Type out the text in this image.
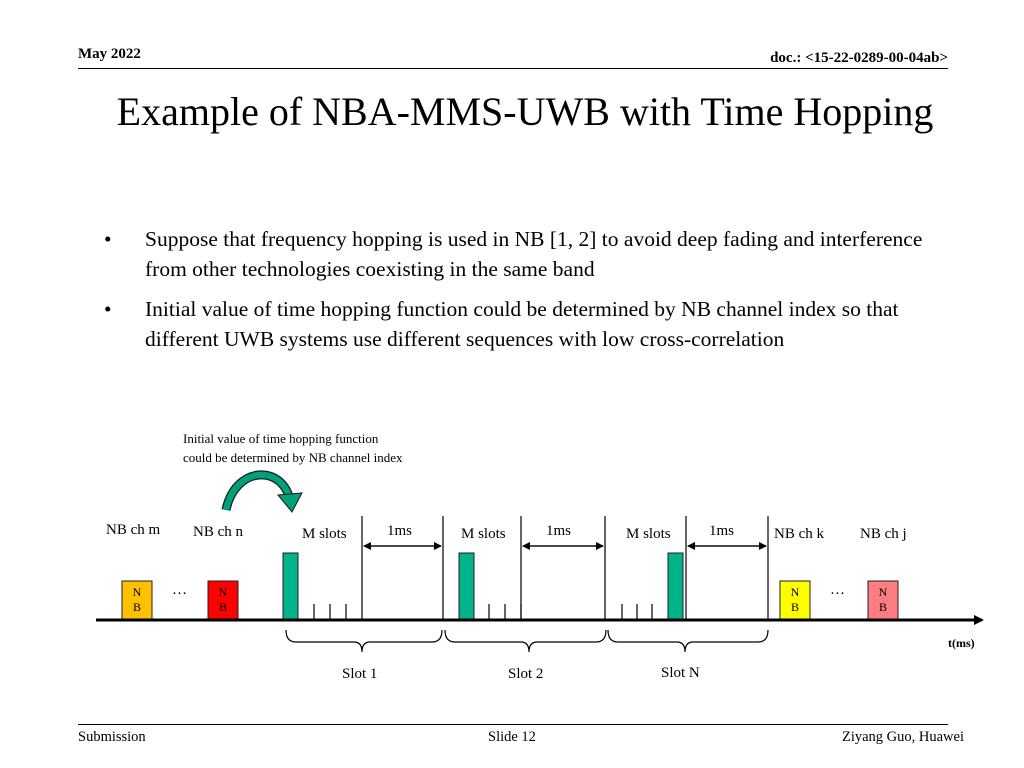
May 2022	doc.: <15-22-0289-00-04ab>
Example of NBA-MMS-UWB with Time Hopping
• Suppose that frequency hopping is used in NB [1, 2] to avoid deep fading and interference from other technologies coexisting in the same band
• Initial value of time hopping function could be determined by NB channel index so that different UWB systems use different sequences with low cross-correlation
Initial value of time hopping function
could be determined by NB channel index
NB ch m NB ch n	NB ch k NB ch j
M slots	M slots	M slots
1ms	1ms	1ms
N
B
N
B
N
B
N
B
…	…
t(ms)
Slot 1	Slot 2	Slot N
Submission	Slide 12	Ziyang Guo, Huawei
